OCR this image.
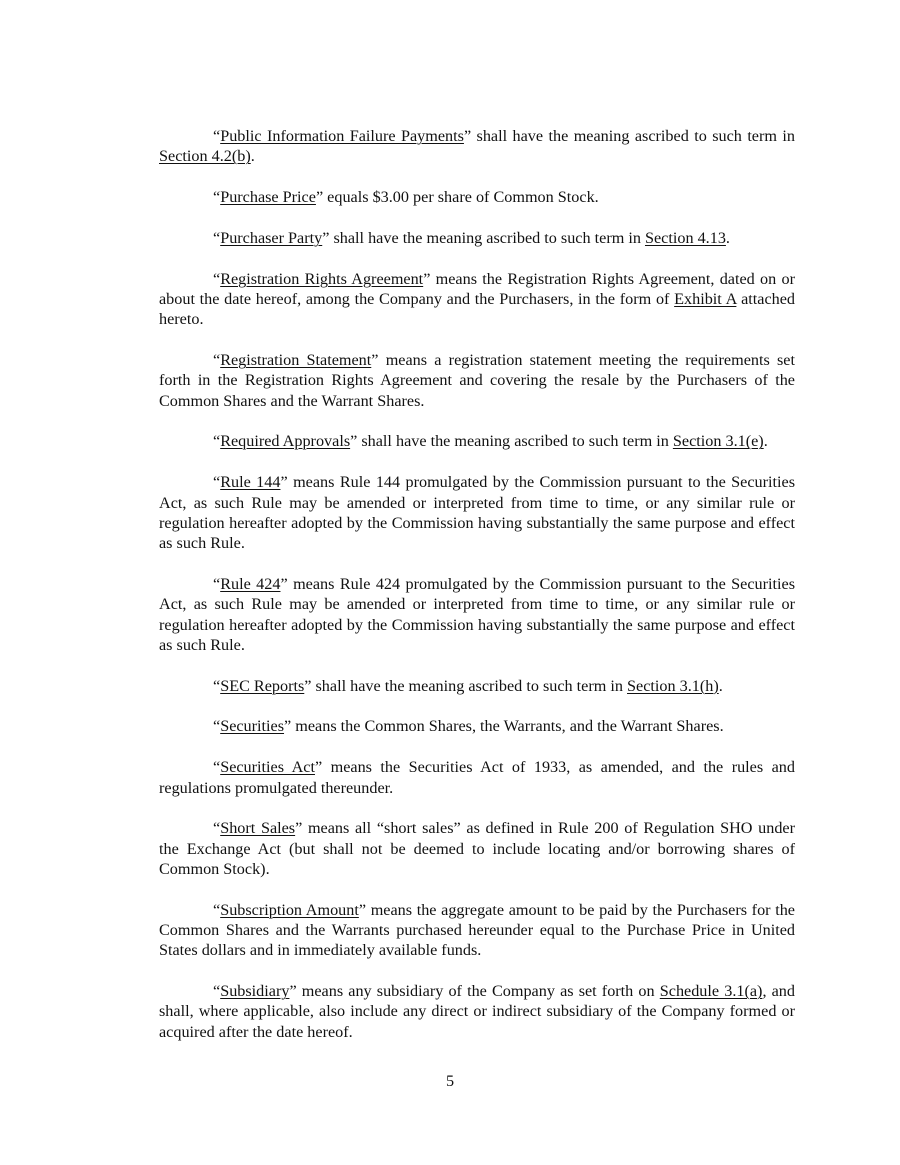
“Public Information Failure Payments” shall have the meaning ascribed to such term in Section 4.2(b).

“Purchase Price” equals $3.00 per share of Common Stock.

“Purchaser Party” shall have the meaning ascribed to such term in Section 4.13.

“Registration Rights Agreement” means the Registration Rights Agreement, dated on or about the date hereof, among the Company and the Purchasers, in the form of Exhibit A attached hereto.

“Registration Statement” means a registration statement meeting the requirements set forth in the Registration Rights Agreement and covering the resale by the Purchasers of the Common Shares and the Warrant Shares.

“Required Approvals” shall have the meaning ascribed to such term in Section 3.1(e).

“Rule 144” means Rule 144 promulgated by the Commission pursuant to the Securities Act, as such Rule may be amended or interpreted from time to time, or any similar rule or regulation hereafter adopted by the Commission having substantially the same purpose and effect as such Rule.

“Rule 424” means Rule 424 promulgated by the Commission pursuant to the Securities Act, as such Rule may be amended or interpreted from time to time, or any similar rule or regulation hereafter adopted by the Commission having substantially the same purpose and effect as such Rule.

“SEC Reports” shall have the meaning ascribed to such term in Section 3.1(h).

“Securities” means the Common Shares, the Warrants, and the Warrant Shares.

“Securities Act” means the Securities Act of 1933, as amended, and the rules and regulations promulgated thereunder.

“Short Sales” means all “short sales” as defined in Rule 200 of Regulation SHO under the Exchange Act (but shall not be deemed to include locating and/or borrowing shares of Common Stock).

“Subscription Amount” means the aggregate amount to be paid by the Purchasers for the Common Shares and the Warrants purchased hereunder equal to the Purchase Price in United States dollars and in immediately available funds.

“Subsidiary” means any subsidiary of the Company as set forth on Schedule 3.1(a), and shall, where applicable, also include any direct or indirect subsidiary of the Company formed or acquired after the date hereof.

5
